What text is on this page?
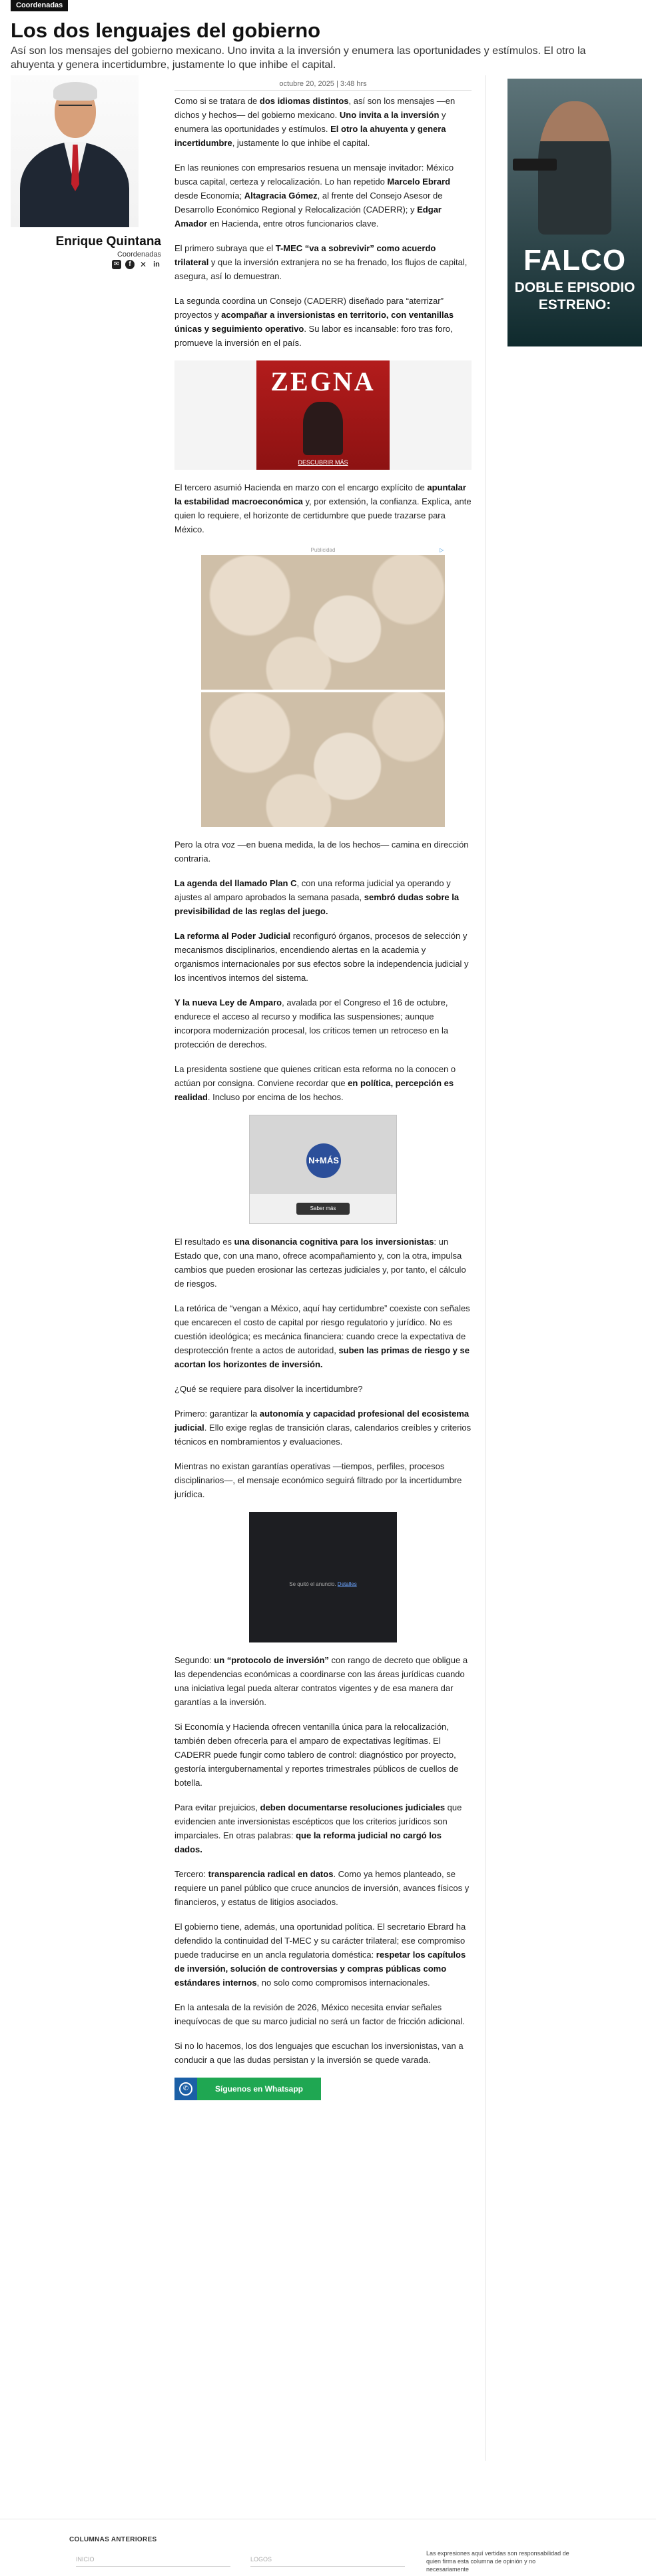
Coordenadas
Los dos lenguajes del gobierno

Así son los mensajes del gobierno mexicano. Uno invita a la inversión y enumera las oportunidades y estímulos. El otro la ahuyenta y genera incertidumbre, justamente lo que inhibe el capital.

Enrique Quintana
Coordenadas
✉	f	✕ in
octubre 20, 2025 | 3:48 hrs

Como si se tratara de dos idiomas distintos, así son los mensajes —en dichos y hechos— del gobierno mexicano. Uno invita a la inversión y enumera las oportunidades y estímulos. El otro la ahuyenta y genera incertidumbre, justamente lo que inhibe el capital.

En las reuniones con empresarios resuena un mensaje invitador: México busca capital, certeza y relocalización. Lo han repetido Marcelo Ebrard desde Economía; Altagracia Gómez, al frente del Consejo Asesor de Desarrollo Económico Regional y Relocalización (CADERR); y Edgar Amador en Hacienda, entre otros funcionarios clave.

El primero subraya que el T-MEC “va a sobrevivir” como acuerdo trilateral y que la inversión extranjera no se ha frenado, los flujos de capital, asegura, así lo demuestran.

La segunda coordina un Consejo (CADERR) diseñado para “aterrizar” proyectos y acompañar a inversionistas en territorio, con ventanillas únicas y seguimiento operativo. Su labor es incansable: foro tras foro, promueve la inversión en el país.

ZEGNA
DESCUBRIR MÁS

El tercero asumió Hacienda en marzo con el encargo explícito de apuntalar la estabilidad macroeconómica y, por extensión, la confianza. Explica, ante quien lo requiere, el horizonte de certidumbre que puede trazarse para México.

Publicidad	▷

Pero la otra voz —en buena medida, la de los hechos— camina en dirección contraria.

La agenda del llamado Plan C, con una reforma judicial ya operando y ajustes al amparo aprobados la semana pasada, sembró dudas sobre la previsibilidad de las reglas del juego.

La reforma al Poder Judicial reconfiguró órganos, procesos de selección y mecanismos disciplinarios, encendiendo alertas en la academia y organismos internacionales por sus efectos sobre la independencia judicial y los incentivos internos del sistema.

Y la nueva Ley de Amparo, avalada por el Congreso el 16 de octubre, endurece el acceso al recurso y modifica las suspensiones; aunque incorpora modernización procesal, los críticos temen un retroceso en la protección de derechos.

La presidenta sostiene que quienes critican esta reforma no la conocen o actúan por consigna. Conviene recordar que en política, percepción es realidad. Incluso por encima de los hechos.

N+MÁS
Saber más

El resultado es una disonancia cognitiva para los inversionistas: un Estado que, con una mano, ofrece acompañamiento y, con la otra, impulsa cambios que pueden erosionar las certezas judiciales y, por tanto, el cálculo de riesgos.

La retórica de “vengan a México, aquí hay certidumbre” coexiste con señales que encarecen el costo de capital por riesgo regulatorio y jurídico. No es cuestión ideológica; es mecánica financiera: cuando crece la expectativa de desprotección frente a actos de autoridad, suben las primas de riesgo y se acortan los horizontes de inversión.

¿Qué se requiere para disolver la incertidumbre?

Primero: garantizar la autonomía y capacidad profesional del ecosistema judicial. Ello exige reglas de transición claras, calendarios creíbles y criterios técnicos en nombramientos y evaluaciones.

Mientras no existan garantías operativas —tiempos, perfiles, procesos disciplinarios—, el mensaje económico seguirá filtrado por la incertidumbre jurídica.

Se quitó el anuncio. Detalles

Segundo: un “protocolo de inversión” con rango de decreto que obligue a las dependencias económicas a coordinarse con las áreas jurídicas cuando una iniciativa legal pueda alterar contratos vigentes y de esa manera dar garantías a la inversión.

Si Economía y Hacienda ofrecen ventanilla única para la relocalización, también deben ofrecerla para el amparo de expectativas legítimas. El CADERR puede fungir como tablero de control: diagnóstico por proyecto, gestoría intergubernamental y reportes trimestrales públicos de cuellos de botella.

Para evitar prejuicios, deben documentarse resoluciones judiciales que evidencien ante inversionistas escépticos que los criterios jurídicos son imparciales. En otras palabras: que la reforma judicial no cargó los dados.

Tercero: transparencia radical en datos. Como ya hemos planteado, se requiere un panel público que cruce anuncios de inversión, avances físicos y financieros, y estatus de litigios asociados.

El gobierno tiene, además, una oportunidad política. El secretario Ebrard ha defendido la continuidad del T-MEC y su carácter trilateral; ese compromiso puede traducirse en un ancla regulatoria doméstica: respetar los capítulos de inversión, solución de controversias y compras públicas como estándares internos, no solo como compromisos internacionales.

En la antesala de la revisión de 2026, México necesita enviar señales inequívocas de que su marco judicial no será un factor de fricción adicional.

Si no lo hacemos, los dos lenguajes que escuchan los inversionistas, van a conducir a que las dudas persistan y la inversión se quede varada.

✆	Síguenos en Whatsapp
FALCO
DOBLE EPISODIO
ESTRENO:
COLUMNAS ANTERIORES
INICIO	LOGOS
Las expresiones aquí vertidas son responsabilidad de quien firma esta columna de opinión y no necesariamente
